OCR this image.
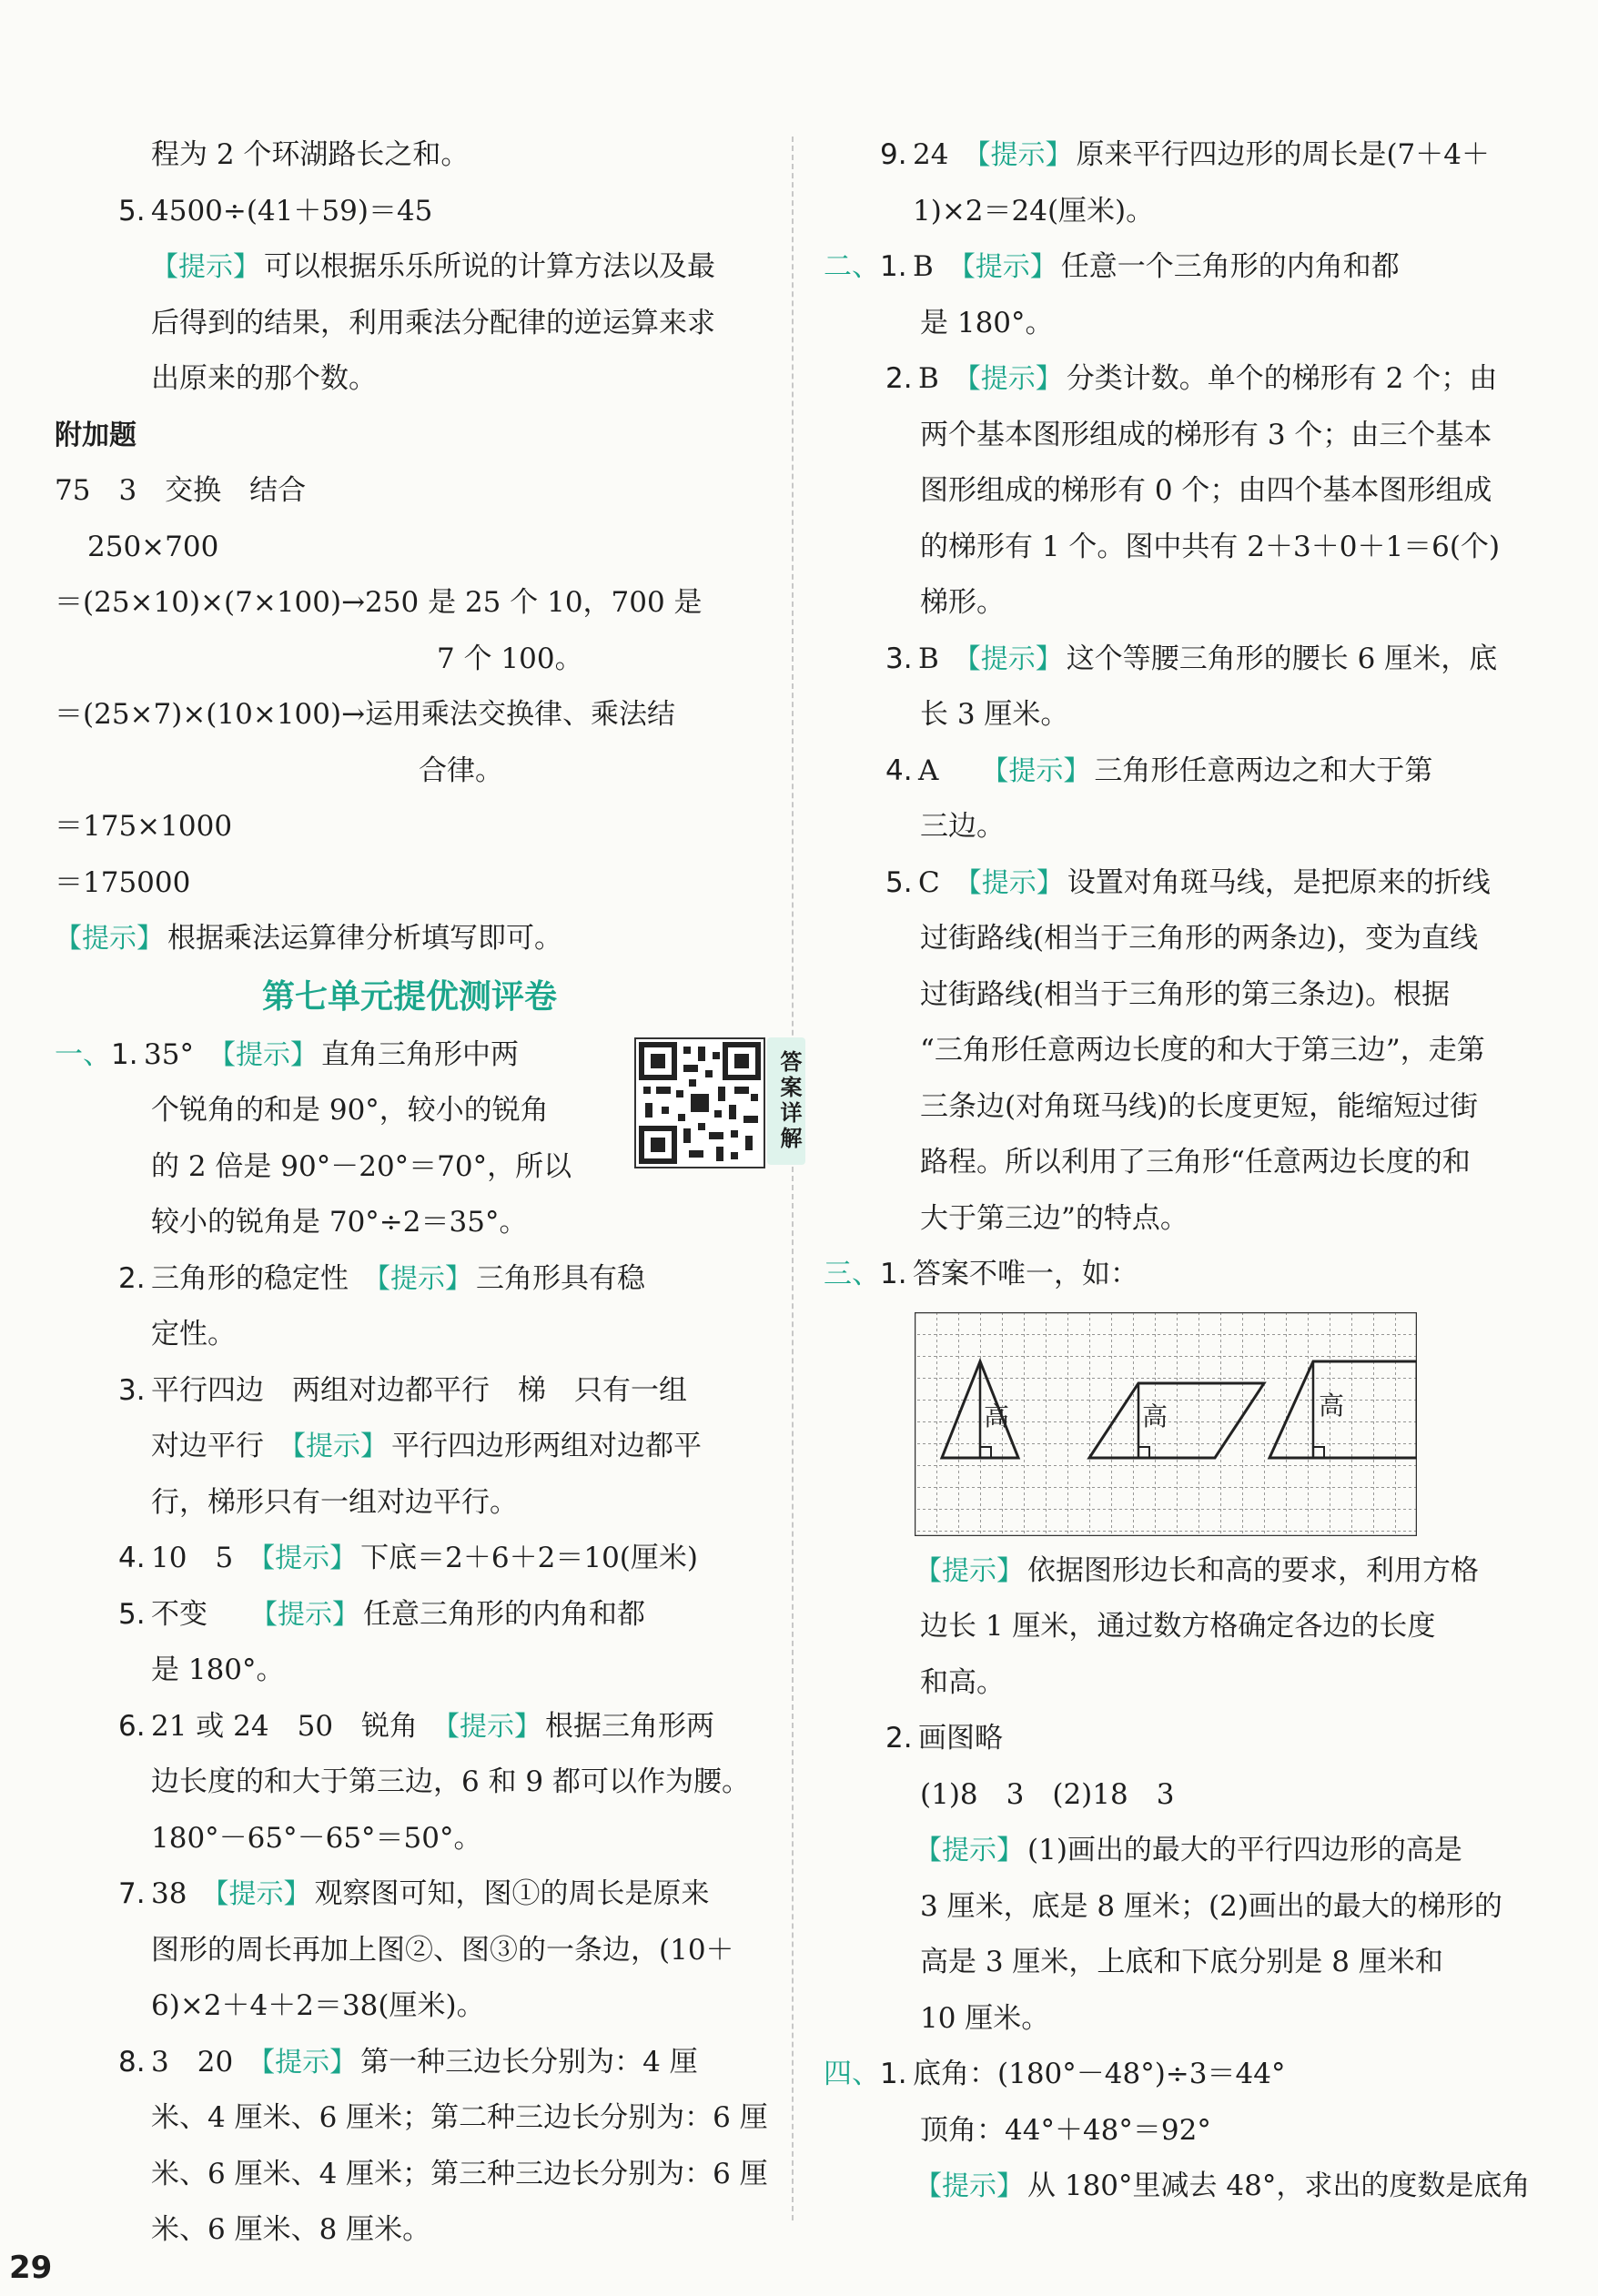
程为 2 个环湖路长之和。
5. 4500÷(41＋59)＝45
【提示】 可以根据乐乐所说的计算方法以及最
后得到的结果，利用乘法分配律的逆运算来求
出原来的那个数。
附加题
75　3　交换　结合
250×700
＝(25×10)×(7×100)→250 是 25 个 10，700 是
7 个 100。
＝(25×7)×(10×100)→运用乘法交换律、乘法结
合律。
＝175×1000
＝175000
【提示】 根据乘法运算律分析填写即可。
第七单元提优测评卷
一、1. 35°　 【提示】 直角三角形中两
个锐角的和是 90°，较小的锐角
的 2 倍是 90°－20°＝70°，所以
较小的锐角是 70°÷2＝35°。
2. 三角形的稳定性　 【提示】 三角形具有稳
定性。
3. 平行四边　两组对边都平行　梯　只有一组
对边平行　 【提示】 平行四边形两组对边都平
行，梯形只有一组对边平行。
4. 10　5　 【提示】 下底＝2＋6＋2＝10(厘米)
5. 不变　　 【提示】 任意三角形的内角和都
是 180°。
6. 21 或 24　50　锐角　 【提示】 根据三角形两
边长度的和大于第三边，6 和 9 都可以作为腰。
180°－65°－65°＝50°。
7. 38　 【提示】 观察图可知，图①的周长是原来
图形的周长再加上图②、图③的一条边，(10＋
6)×2＋4＋2＝38(厘米)。
8. 3　20　 【提示】 第一种三边长分别为：4 厘
米、4 厘米、6 厘米；第二种三边长分别为：6 厘
米、6 厘米、4 厘米；第三种三边长分别为：6 厘
米、6 厘米、8 厘米。
答案详解
9. 24　 【提示】 原来平行四边形的周长是(7＋4＋
1)×2＝24(厘米)。
二、1. B　 【提示】 任意一个三角形的内角和都
是 180°。
2. B　 【提示】 分类计数。单个的梯形有 2 个；由
两个基本图形组成的梯形有 3 个；由三个基本
图形组成的梯形有 0 个；由四个基本图形组成
的梯形有 1 个。图中共有 2＋3＋0＋1＝6(个)
梯形。
3. B　 【提示】 这个等腰三角形的腰长 6 厘米，底
长 3 厘米。
4. A　　 【提示】 三角形任意两边之和大于第
三边。
5. C　 【提示】 设置对角斑马线，是把原来的折线
过街路线(相当于三角形的两条边)，变为直线
过街路线(相当于三角形的第三条边)。根据
“三角形任意两边长度的和大于第三边”，走第
三条边(对角斑马线)的长度更短，能缩短过街
路程。所以利用了三角形“任意两边长度的和
大于第三边”的特点。
三、1. 答案不唯一，如：
高	高	高
【提示】 依据图形边长和高的要求，利用方格
边长 1 厘米，通过数方格确定各边的长度
和高。
2. 画图略
(1)8　3　(2)18　3
【提示】 (1)画出的最大的平行四边形的高是
3 厘米，底是 8 厘米；(2)画出的最大的梯形的
高是 3 厘米，上底和下底分别是 8 厘米和
10 厘米。
四、1. 底角：(180°－48°)÷3＝44°
顶角：44°＋48°＝92°
【提示】 从 180°里减去 48°，求出的度数是底角
29
